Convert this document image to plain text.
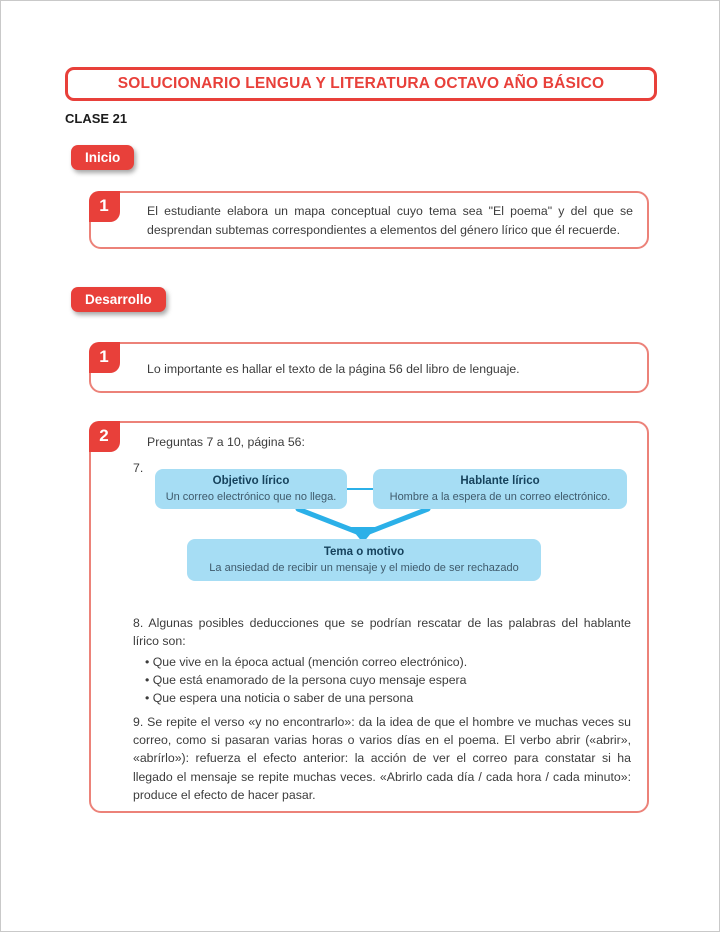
SOLUCIONARIO LENGUA Y LITERATURA OCTAVO AÑO BÁSICO
CLASE 21
Inicio
1	El estudiante elabora un mapa conceptual cuyo tema sea "El poema" y del que se desprendan subtemas correspondientes a elementos del género lírico que él recuerde.
Desarrollo
1
Lo importante es hallar el texto de la página 56 del libro de lenguaje.
2	Preguntas 7 a 10, página 56:
7.
Objetivo lírico
Un correo electrónico que no llega.
Hablante lírico
Hombre a la espera de un correo electrónico.
Tema o motivo
La ansiedad de recibir un mensaje y el miedo de ser rechazado
8. Algunas posibles deducciones que se podrían rescatar de las palabras del hablante lírico son:
• Que vive en la época actual (mención correo electrónico).
• Que está enamorado de la persona cuyo mensaje espera
• Que espera una noticia o saber de una persona
9. Se repite el verso «y no encontrarlo»: da la idea de que el hombre ve muchas veces su correo, como si pasaran varias horas o varios días en el poema. El verbo abrir («abrir», «abrírlo»): refuerza el efecto anterior: la acción de ver el correo para constatar si ha llegado el mensaje se repite muchas veces. «Abrirlo cada día / cada hora / cada minuto»: produce el efecto de hacer pasar.
